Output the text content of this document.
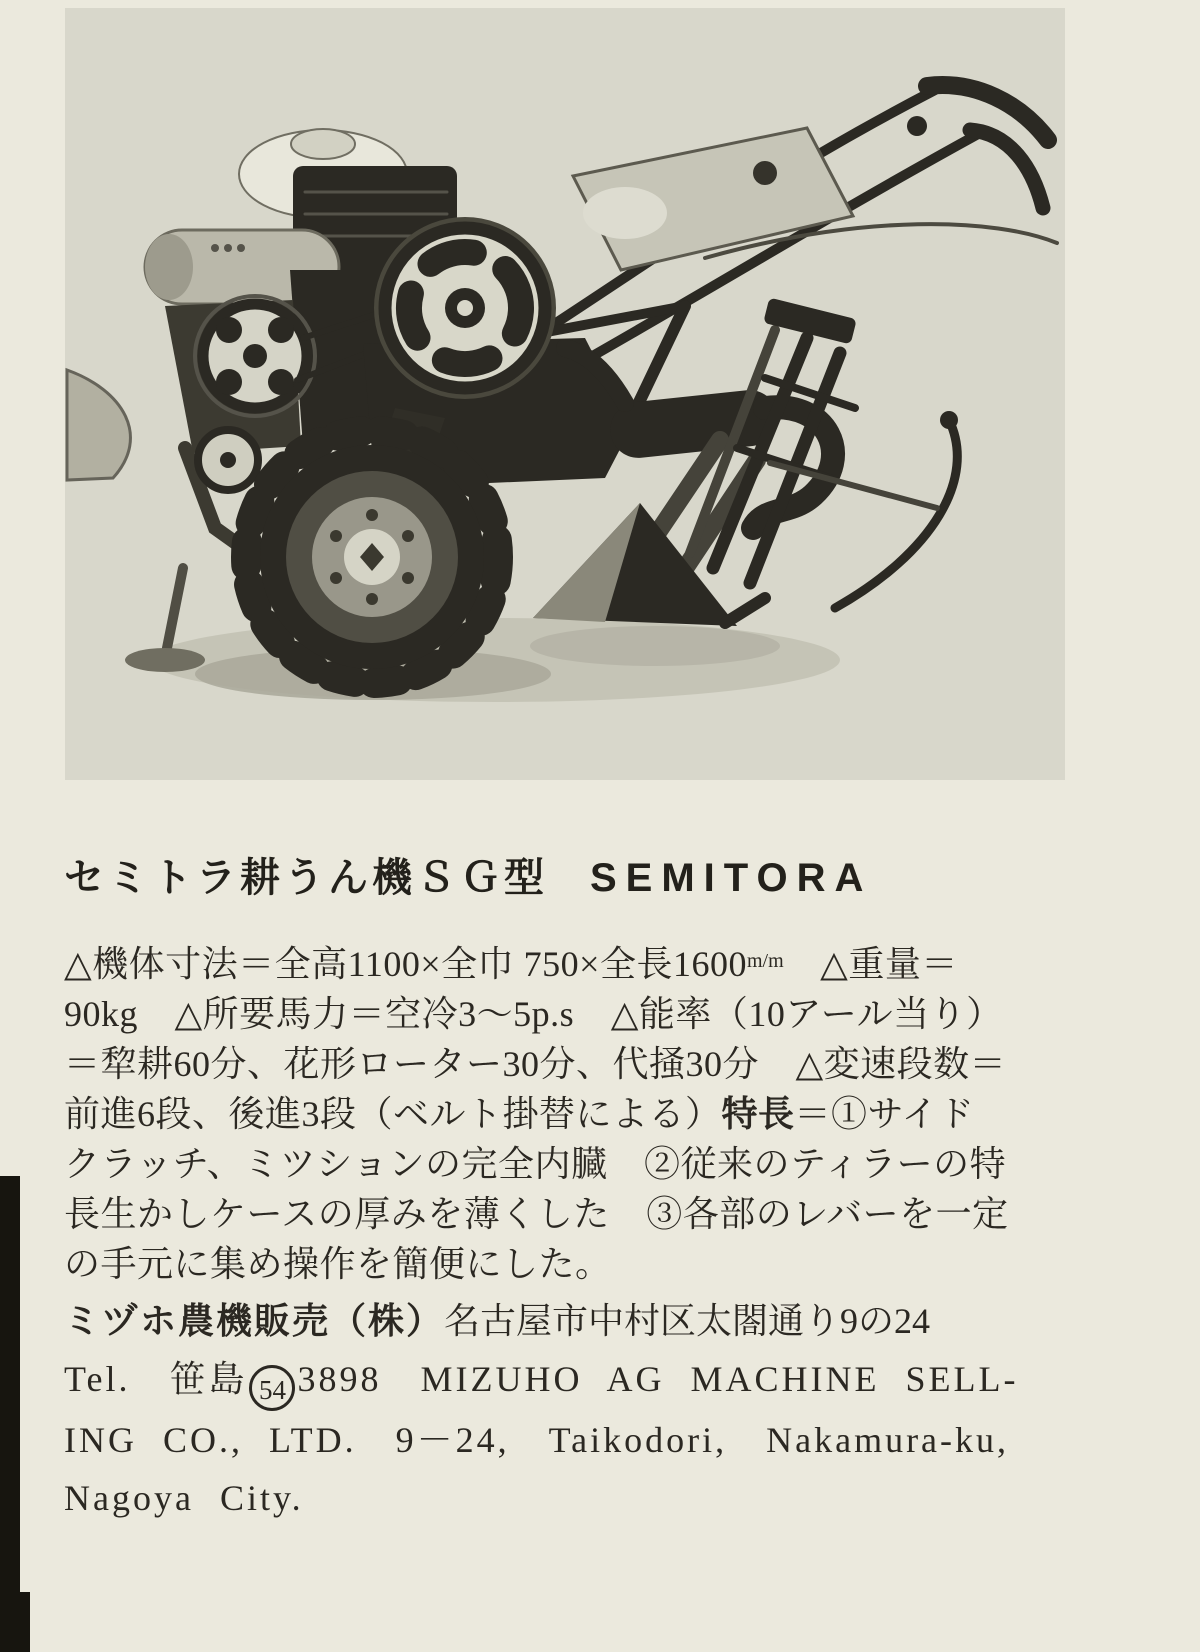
セミトラ耕うん機ＳＧ型 SEMITORA
△機体寸法＝全高1100×全巾 750×全長$1600^{m/m}$　△重量＝
90kg　△所要馬力＝空冷3～5p.s　△能率（10アール当り）
＝犂耕60分、花形ローター30分、代掻30分　△変速段数＝
前進6段、後進3段（ベルト掛替による）特長＝①サイド
クラッチ、ミツションの完全内臓　②従来のティラーの特
長生かしケースの厚みを薄くした　③各部のレバーを一定
の手元に集め操作を簡便にした。
ミヅホ農機販売（株）名古屋市中村区太閤通り9の24
Tel.　笹島 54 3898　MIZUHO AG MACHINE SELL-
ING CO., LTD.　9－24,　Taikodori,　Nakamura-ku,
Nagoya City.
